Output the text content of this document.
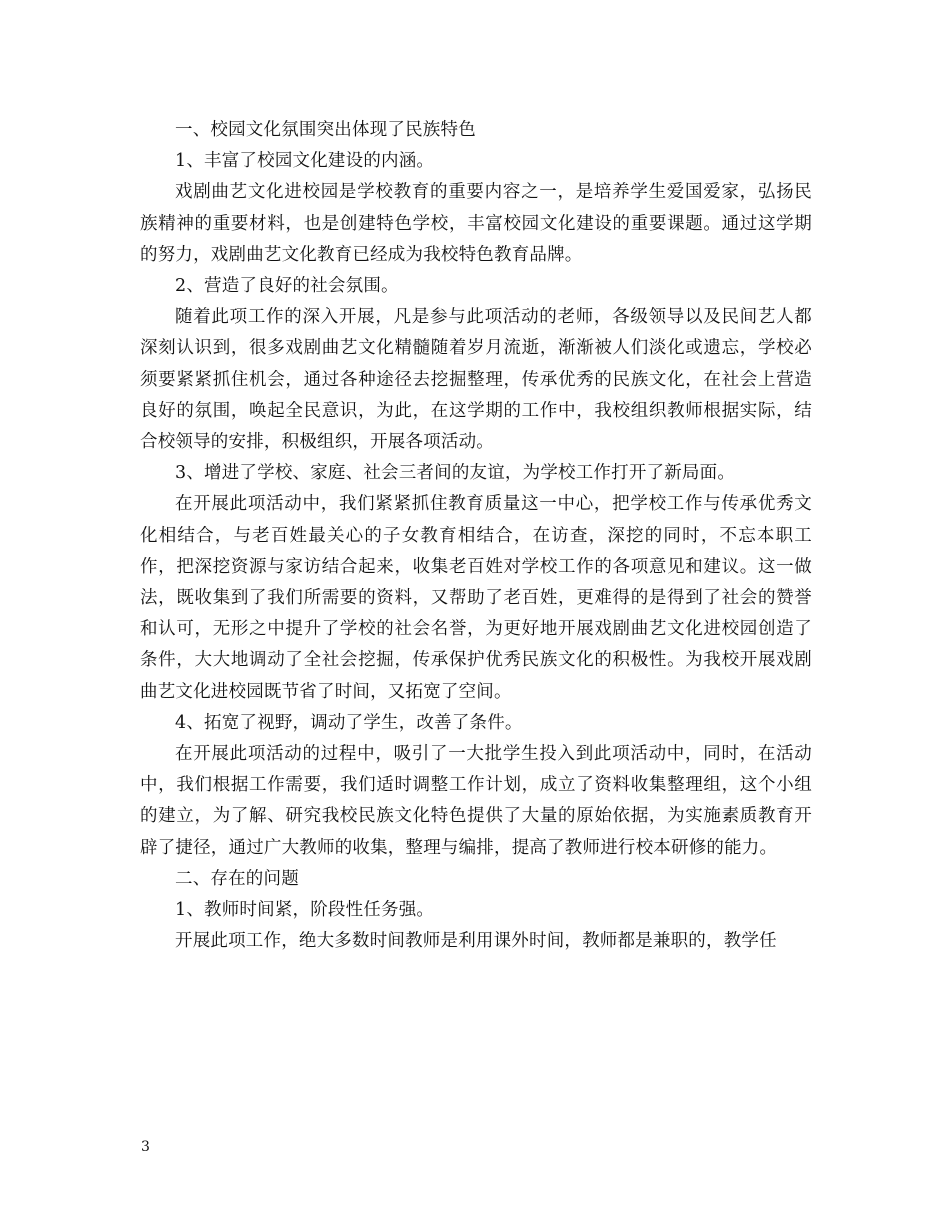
一、校园文化氛围突出体现了民族特色

1、丰富了校园文化建设的内涵。

戏剧曲艺文化进校园是学校教育的重要内容之一，是培养学生爱国爱家，弘扬民族精神的重要材料，也是创建特色学校，丰富校园文化建设的重要课题。通过这学期的努力，戏剧曲艺文化教育已经成为我校特色教育品牌。

2、营造了良好的社会氛围。

随着此项工作的深入开展，凡是参与此项活动的老师，各级领导以及民间艺人都深刻认识到，很多戏剧曲艺文化精髓随着岁月流逝，渐渐被人们淡化或遗忘，学校必须要紧紧抓住机会，通过各种途径去挖掘整理，传承优秀的民族文化，在社会上营造良好的氛围，唤起全民意识，为此，在这学期的工作中，我校组织教师根据实际，结合校领导的安排，积极组织，开展各项活动。

3、增进了学校、家庭、社会三者间的友谊，为学校工作打开了新局面。

在开展此项活动中，我们紧紧抓住教育质量这一中心，把学校工作与传承优秀文化相结合，与老百姓最关心的子女教育相结合，在访查，深挖的同时，不忘本职工作，把深挖资源与家访结合起来，收集老百姓对学校工作的各项意见和建议。这一做法，既收集到了我们所需要的资料，又帮助了老百姓，更难得的是得到了社会的赞誉和认可，无形之中提升了学校的社会名誉，为更好地开展戏剧曲艺文化进校园创造了条件，大大地调动了全社会挖掘，传承保护优秀民族文化的积极性。为我校开展戏剧曲艺文化进校园既节省了时间，又拓宽了空间。

4、拓宽了视野，调动了学生，改善了条件。

在开展此项活动的过程中，吸引了一大批学生投入到此项活动中，同时，在活动中，我们根据工作需要，我们适时调整工作计划，成立了资料收集整理组，这个小组的建立，为了解、研究我校民族文化特色提供了大量的原始依据，为实施素质教育开辟了捷径，通过广大教师的收集，整理与编排，提高了教师进行校本研修的能力。

二、存在的问题

1、教师时间紧，阶段性任务强。

开展此项工作，绝大多数时间教师是利用课外时间，教师都是兼职的，教学任

3
